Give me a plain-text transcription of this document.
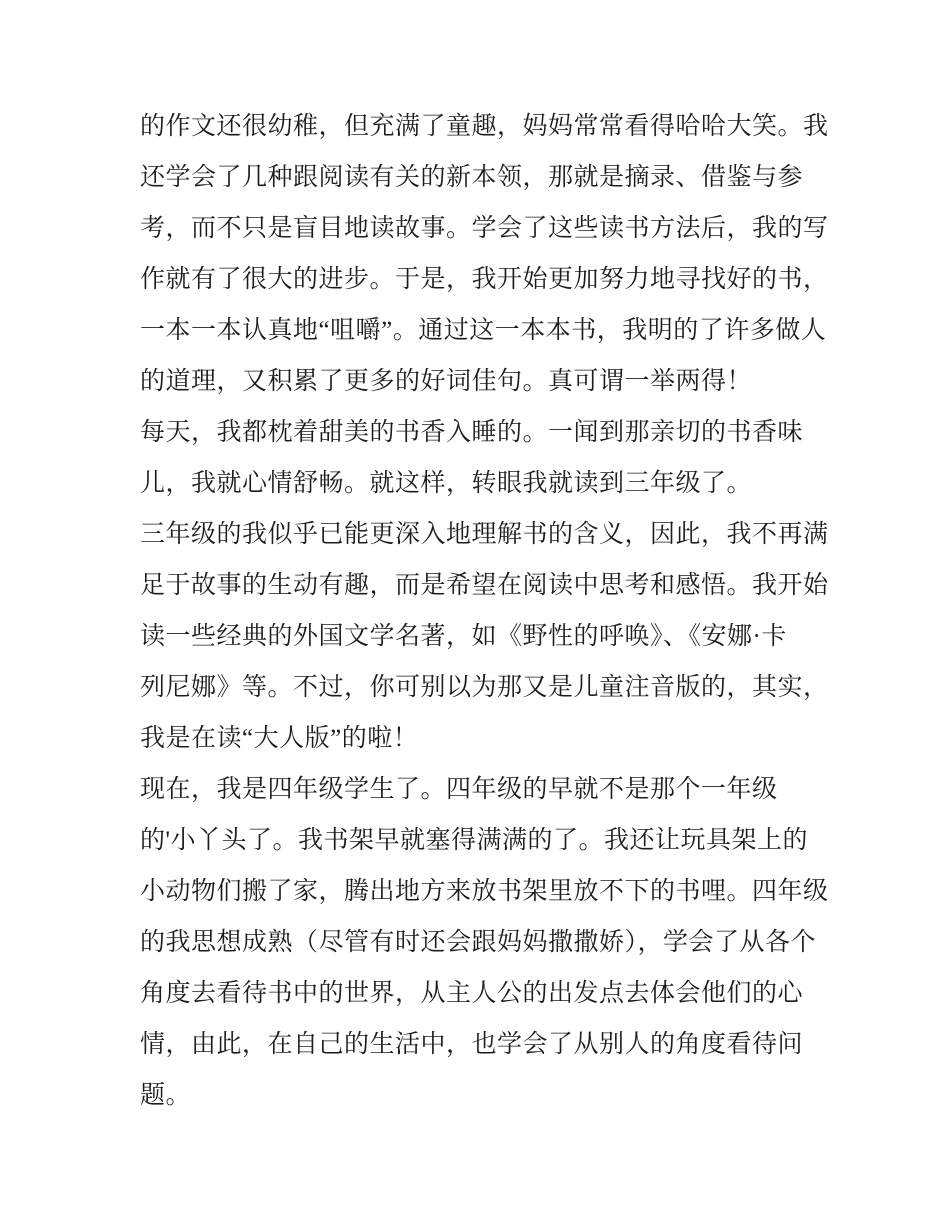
的作文还很幼稚，但充满了童趣，妈妈常常看得哈哈大笑。我
还学会了几种跟阅读有关的新本领，那就是摘录、借鉴与参
考，而不只是盲目地读故事。学会了这些读书方法后，我的写
作就有了很大的进步。于是，我开始更加努力地寻找好的书，
一本一本认真地“咀嚼”。通过这一本本书，我明的了许多做人
的道理，又积累了更多的好词佳句。真可谓一举两得！
每天，我都枕着甜美的书香入睡的。一闻到那亲切的书香味
儿，我就心情舒畅。就这样，转眼我就读到三年级了。
三年级的我似乎已能更深入地理解书的含义，因此，我不再满
足于故事的生动有趣，而是希望在阅读中思考和感悟。我开始
读一些经典的外国文学名著，如《野性的呼唤》、《安娜·卡
列尼娜》等。不过，你可别以为那又是儿童注音版的，其实，
我是在读“大人版”的啦！
现在，我是四年级学生了。四年级的早就不是那个一年级
的'小丫头了。我书架早就塞得满满的了。我还让玩具架上的
小动物们搬了家，腾出地方来放书架里放不下的书哩。四年级
的我思想成熟（尽管有时还会跟妈妈撒撒娇），学会了从各个
角度去看待书中的世界，从主人公的出发点去体会他们的心
情，由此，在自己的生活中，也学会了从别人的角度看待问
题。
